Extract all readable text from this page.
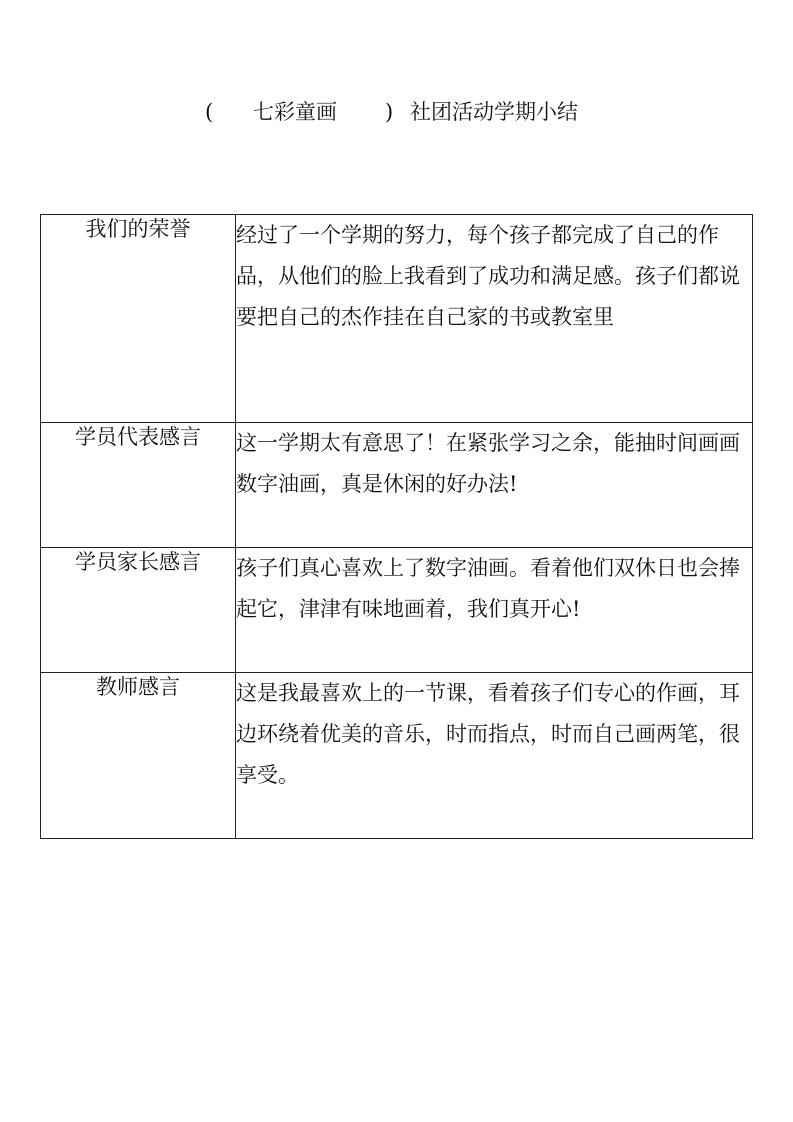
( 七彩童画 ) 社团活动学期小结
我们的荣誉	经过了一个学期的努力，每个孩子都完成了自己的作品，从他们的脸上我看到了成功和满足感。孩子们都说要把自己的杰作挂在自己家的书或教室里
学员代表感言	这一学期太有意思了！在紧张学习之余，能抽时间画画数字油画，真是休闲的好办法!
学员家长感言	孩子们真心喜欢上了数字油画。看着他们双休日也会捧起它，津津有味地画着，我们真开心!
教师感言	这是我最喜欢上的一节课，看着孩子们专心的作画，耳边环绕着优美的音乐，时而指点，时而自己画两笔，很享受。
